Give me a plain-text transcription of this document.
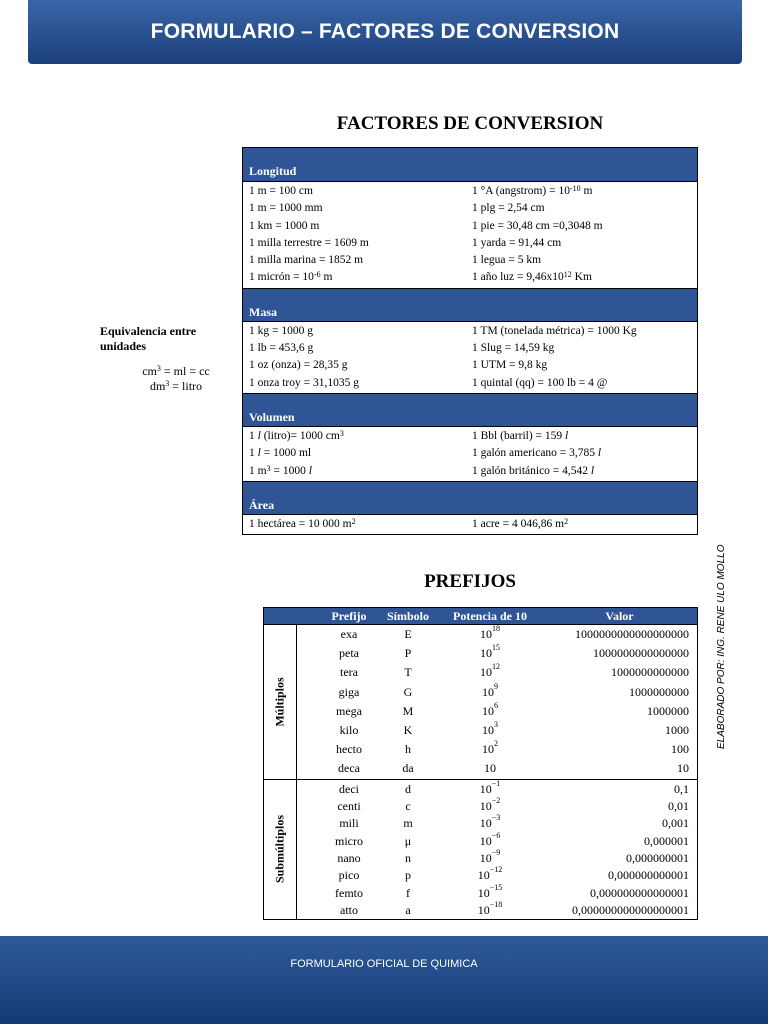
FORMULARIO – FACTORES DE CONVERSION
FACTORES DE CONVERSION
Equivalencia entre
unidades
$cm^3$ = ml = cc
$dm^3$ = litro
Longitud
1 m = 100 cm	1 °A (angstrom) = $10^{-10}$ m
1 m = 1000 mm	1 plg = 2,54 cm
1 km = 1000 m	1 pie = 30,48 cm =0,3048 m
1 milla terrestre = 1609 m	1 yarda = 91,44 cm
1 milla marina = 1852 m	1 legua = 5 km
1 micrón = $10^{-6}$ m	1 año luz = $9,46x10^{12}$ Km
Masa
1 kg = 1000 g	1 TM (tonelada métrica) = 1000 Kg
1 lb = 453,6 g	1 Slug = 14,59 kg
1 oz (onza) = 28,35 g	1 UTM = 9,8 kg
1 onza troy = 31,1035 g	1 quintal (qq) = 100 lb = 4 @
Volumen
1 l (litro)= 1000 $cm^3$	1 Bbl (barril) = 159 l
1 l = 1000 ml	1 galón americano = 3,785 l
1 $m^3 = 1000$ l	1 galón británico = 4,542 l
Área
1 hectárea = 10 000 $m^2$	1 acre = 4 046,86 $m^2$
PREFIJOS
Prefijo	Símbolo	Potencia de 10	Valor
Múltiplos
exa	E	$10^{18}$	1000000000000000000
peta	P	$10^{15}$	1000000000000000
tera	T	$10^{12}$	1000000000000
giga	G	$10^9$	1000000000
mega	M	$10^6$	1000000
kilo	K	$10^3$	1000
hecto	h	$10^2$	100
deca	da	10	10
Submúltiplos
deci	d	$10^{-1}$	0,1
centi	c	$10^{-2}$	0,01
mili	m	$10^{-3}$	0,001
micro	μ	$10^{-6}$	0,000001
nano	n	$10^{-9}$	0,000000001
pico	p	$10^{-12}$	0,000000000001
femto	f	$10^{-15}$	0,000000000000001
atto	a	$10^{-18}$	0,000000000000000001
ELABORADO POR: ING. RENE ULO MOLLO
FORMULARIO OFICIAL DE QUIMICA
